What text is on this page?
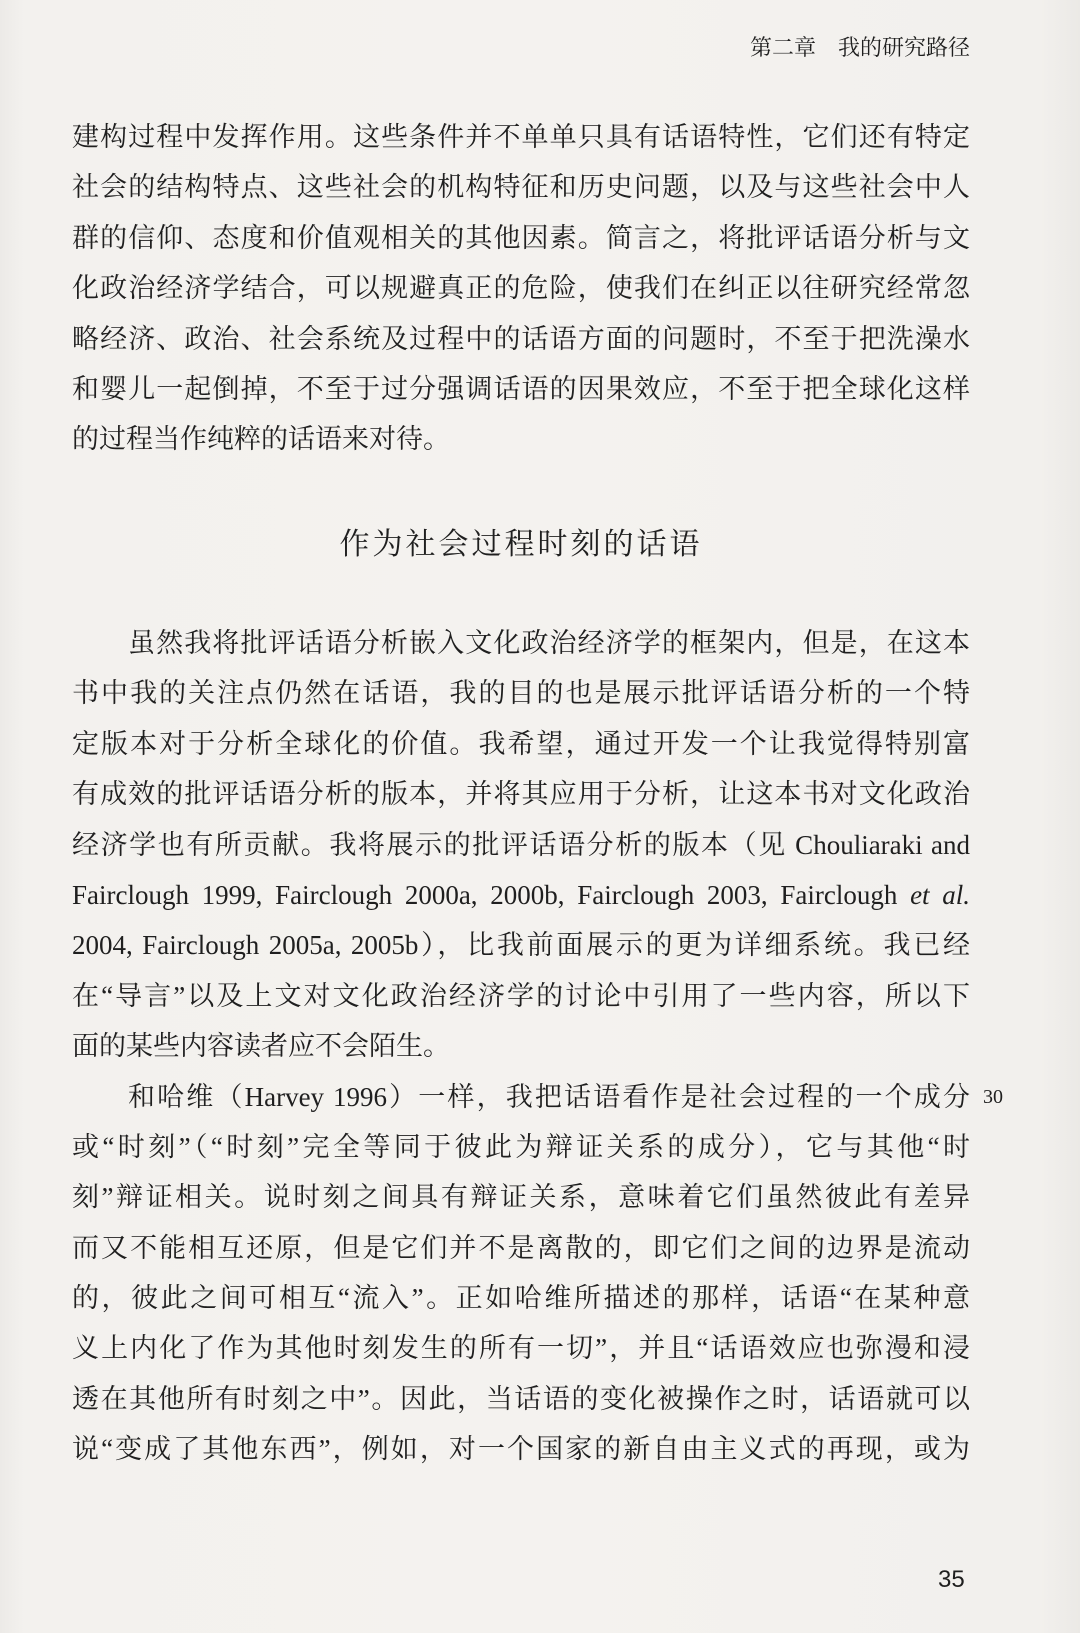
第二章 我的研究路径
建构过程中发挥作用。这些条件并不单单只具有话语特性，它们还有特定
社会的结构特点、这些社会的机构特征和历史问题，以及与这些社会中人
群的信仰、态度和价值观相关的其他因素。简言之，将批评话语分析与文
化政治经济学结合，可以规避真正的危险，使我们在纠正以往研究经常忽
略经济、政治、社会系统及过程中的话语方面的问题时，不至于把洗澡水
和婴儿一起倒掉，不至于过分强调话语的因果效应，不至于把全球化这样
的过程当作纯粹的话语来对待。
作为社会过程时刻的话语
虽然我将批评话语分析嵌入文化政治经济学的框架内，但是，在这本
书中我的关注点仍然在话语，我的目的也是展示批评话语分析的一个特
定版本对于分析全球化的价值。我希望，通过开发一个让我觉得特别富
有成效的批评话语分析的版本，并将其应用于分析，让这本书对文化政治
经济学也有所贡献。我将展示的批评话语分析的版本（见 Chouliaraki and
Fairclough 1999, Fairclough 2000a, 2000b, Fairclough 2003, Fairclough et al.
2004, Fairclough 2005a, 2005b），比我前面展示的更为详细系统。我已经
在“导言”以及上文对文化政治经济学的讨论中引用了一些内容，所以下
面的某些内容读者应不会陌生。
和哈维（Harvey 1996）一样，我把话语看作是社会过程的一个成分
或“时刻”（“时刻”完全等同于彼此为辩证关系的成分），它与其他“时
刻”辩证相关。说时刻之间具有辩证关系，意味着它们虽然彼此有差异
而又不能相互还原，但是它们并不是离散的，即它们之间的边界是流动
的，彼此之间可相互“流入”。正如哈维所描述的那样，话语“在某种意
义上内化了作为其他时刻发生的所有一切”，并且“话语效应也弥漫和浸
透在其他所有时刻之中”。因此，当话语的变化被操作之时，话语就可以
说“变成了其他东西”，例如，对一个国家的新自由主义式的再现，或为
30
35
